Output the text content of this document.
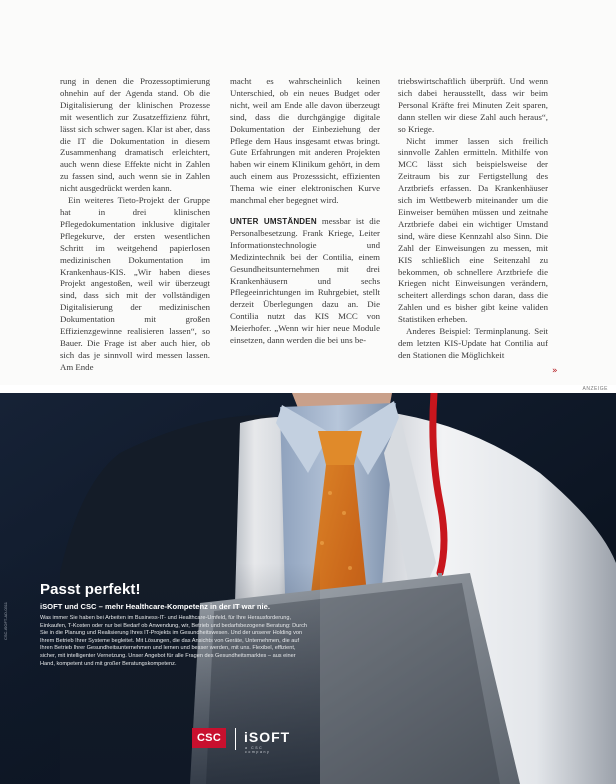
rung in denen die Prozessoptimierung ohnehin auf der Agenda stand. Ob die Digitalisierung der klinischen Prozesse mit wesentlich zur Zusatzeffizienz führt, lässt sich schwer sagen. Klar ist aber, dass die IT die Dokumentation in diesem Zusammenhang dramatisch erleichtert, auch wenn diese Effekte nicht in Zahlen zu fassen sind, auch wenn sie in Zahlen nicht ausgedrückt werden kann.

Ein weiteres Tieto-Projekt der Gruppe hat in drei klinischen Pflegedokumentation inklusive digitaler Pflegekurve, der ersten wesentlichen Schritt im weitgehend papierlosen medizinischen Dokumentation im Krankenhaus-KIS. „Wir haben dieses Projekt angestoßen, weil wir überzeugt sind, dass sich mit der vollständigen Digitalisierung der medizinischen Dokumentation mit großen Effizienzgewinne realisieren lassen“, so Bauer. Die Frage ist aber auch hier, ob sich das je sinnvoll wird messen lassen. Am Ende

macht es wahrscheinlich keinen Unterschied, ob ein neues Budget oder nicht, weil am Ende alle davon überzeugt sind, dass die durchgängige digitale Dokumentation der Einbeziehung der Pflege dem Haus insgesamt etwas bringt. Gute Erfahrungen mit anderen Projekten haben wir einem Klinikum gehört, in dem auch einem aus Prozesssicht, effizienten Thema wie einer elektronischen Kurve manchmal eher begegnet wird.

UNTER UMSTÄNDEN messbar ist die Personalbesetzung. Frank Kriege, Leiter Informationstechnologie und Medizintechnik bei der Contilia, einem Gesundheitsunternehmen mit drei Krankenhäusern und sechs Pflegeeinrichtungen im Ruhrgebiet, stellt derzeit Überlegungen dazu an. Die Contilia nutzt das KIS MCC von Meierhofer. „Wenn wir hier neue Module einsetzen, dann werden die bei uns be-

triebswirtschaftlich überprüft. Und wenn sich dabei herausstellt, dass wir beim Personal Kräfte frei Minuten Zeit sparen, dann stellen wir diese Zahl auch heraus“, so Kriege.

Nicht immer lassen sich freilich sinnvolle Zahlen ermitteln. Mithilfe von MCC lässt sich beispielsweise der Zeitraum bis zur Fertigstellung des Arztbriefs erfassen. Da Krankenhäuser sich im Wettbewerb miteinander um die Einweiser bemühen müssen und zeitnahe Arztbriefe dabei ein wichtiger Umstand sind, wäre diese Kennzahl also Sinn. Die Zahl der Einweisungen zu messen, mit KIS schließlich eine Seitenzahl zu bekommen, ob schnellere Arztbriefe die Kriegen nicht Einweisungen verändern, scheitert allerdings schon daran, dass die Zahlen und es bisher gibt keine validen Statistiken erheben.

Anderes Beispiel: Terminplanung. Seit dem letzten KIS-Update hat Contilia auf den Stationen die Möglichkeit

»
ANZEIGE
Passt perfekt!
iSOFT und CSC – mehr Healthcare-Kompetenz in der IT war nie.

Was immer Sie haben bei Arbeiten im Business-IT- und Healthcare-Umfeld, für Ihre Herausforderung, Einkaufen, T-Kosten oder nur bei Bedarf ob Anwendung, wir, Betrieb und bedarfsbezogene Beratung: Durch Sie in die Planung und Realisierung Ihres IT-Projekts im Gesundheitswesen. Und der unserer Holding von Ihrem Betrieb Ihrer Systeme begleitet. Mit Lösungen, die das Ansichts von Geräte, Unternehmen, die auf Ihren Betrieb Ihrer Gesundheitsunternehmen und lernen und besser werden, mit uns. Flexibel, effizient, sicher, mit intelligenter Vernetzung. Unser Angebot für alle Fragen des Gesundheitsmarktes – aus einer Hand, kompetent und mit großer Beratungskompetenz.

CSC	iSOFT
a CSC company
CSC-iSOFT-AD-0311
